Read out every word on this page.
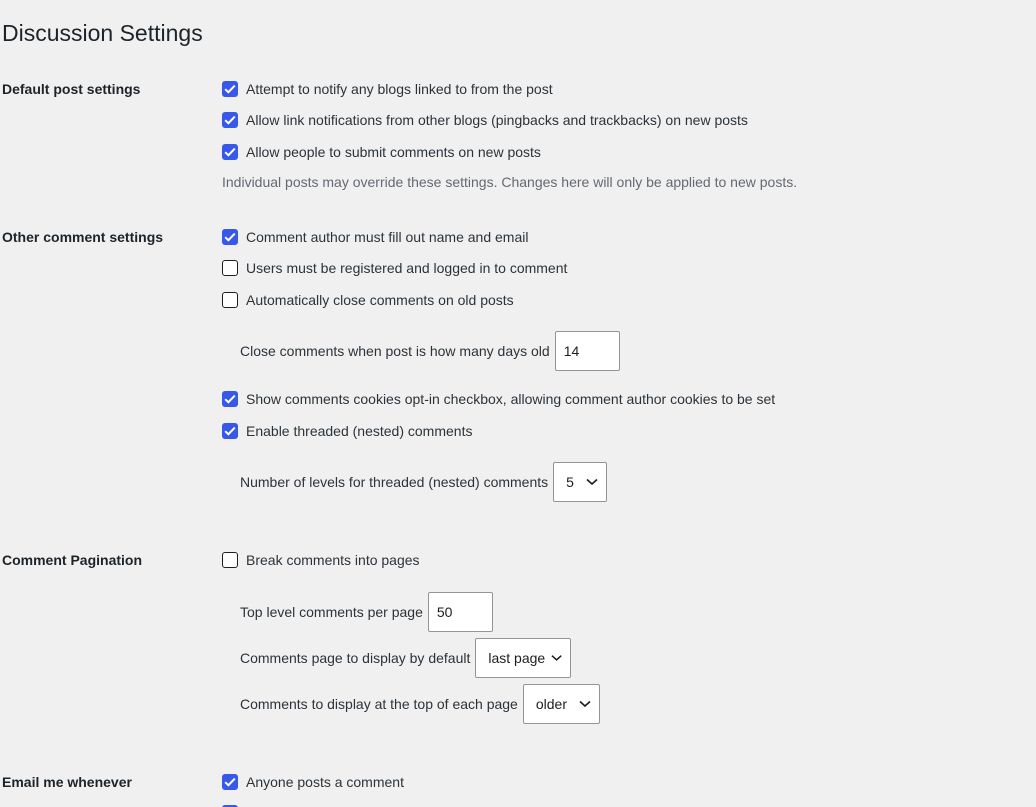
Discussion Settings
Default post settings	Attempt to notify any blogs linked to from the post
Allow link notifications from other blogs (pingbacks and trackbacks) on new posts
Allow people to submit comments on new posts
Individual posts may override these settings. Changes here will only be applied to new posts.
Other comment settings	Comment author must fill out name and email
Users must be registered and logged in to comment
Automatically close comments on old posts
Close comments when post is how many days old	14
Show comments cookies opt-in checkbox, allowing comment author cookies to be set
Enable threaded (nested) comments
Number of levels for threaded (nested) comments 5
Comment Pagination	Break comments into pages
Top level comments per page	50
Comments page to display by default last page
Comments to display at the top of each page older
Email me whenever	Anyone posts a comment
